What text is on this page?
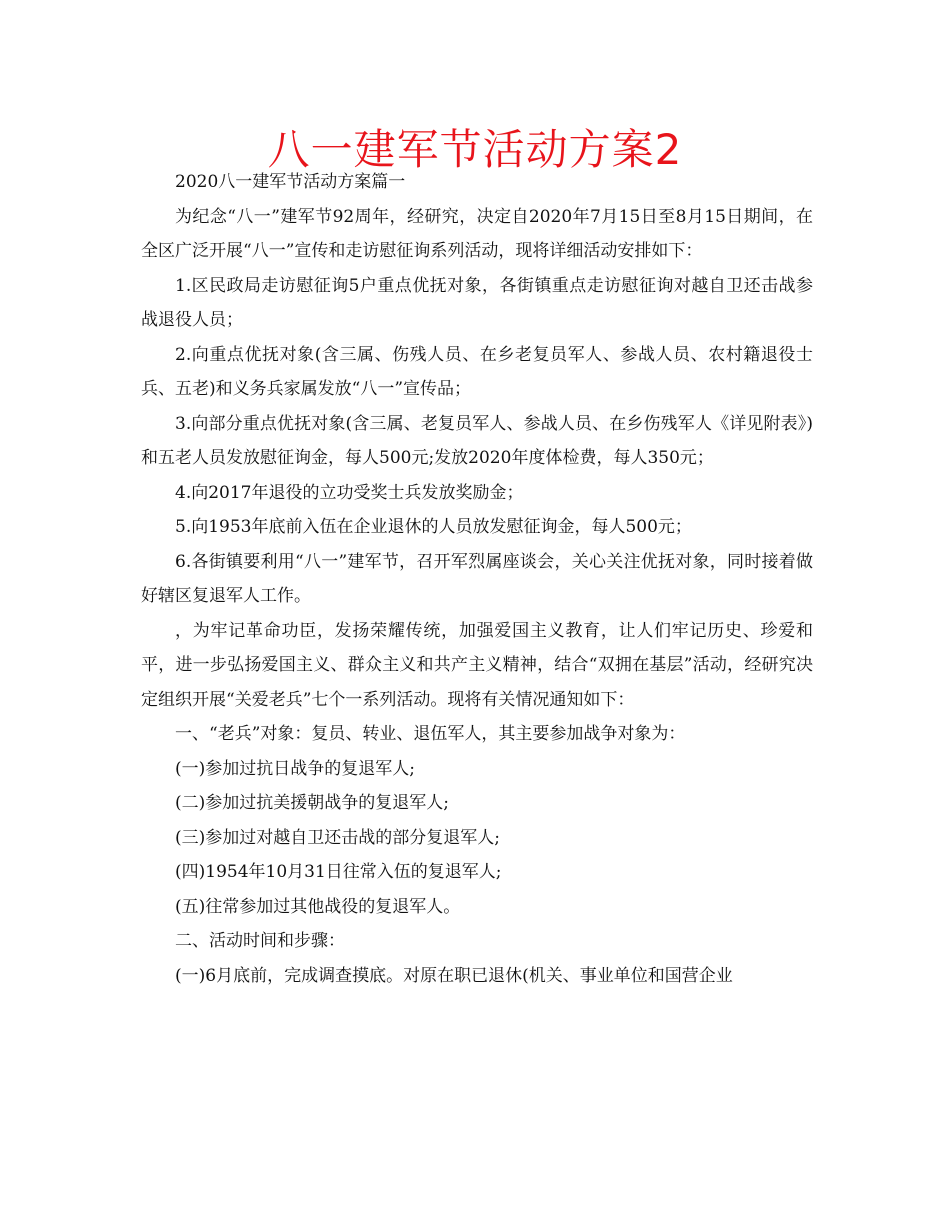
八一建军节活动方案2

2020八一建军节活动方案篇一

为纪念“八一”建军节92周年，经研究，决定自2020年7月15日至8月15日期间，在全区广泛开展“八一”宣传和走访慰征询系列活动，现将详细活动安排如下：

1.区民政局走访慰征询5户重点优抚对象，各街镇重点走访慰征询对越自卫还击战参战退役人员；

2.向重点优抚对象(含三属、伤残人员、在乡老复员军人、参战人员、农村籍退役士兵、五老)和义务兵家属发放“八一”宣传品；

3.向部分重点优抚对象(含三属、老复员军人、参战人员、在乡伤残军人《详见附表》)和五老人员发放慰征询金，每人500元;发放2020年度体检费，每人350元；

4.向2017年退役的立功受奖士兵发放奖励金；

5.向1953年底前入伍在企业退休的人员放发慰征询金，每人500元；

6.各街镇要利用“八一”建军节，召开军烈属座谈会，关心关注优抚对象，同时接着做好辖区复退军人工作。

，为牢记革命功臣，发扬荣耀传统，加强爱国主义教育，让人们牢记历史、珍爱和平，进一步弘扬爱国主义、群众主义和共产主义精神，结合“双拥在基层”活动，经研究决定组织开展“关爱老兵”七个一系列活动。现将有关情况通知如下：

一、“老兵”对象：复员、转业、退伍军人，其主要参加战争对象为：

(一)参加过抗日战争的复退军人;

(二)参加过抗美援朝战争的复退军人;

(三)参加过对越自卫还击战的部分复退军人;

(四)1954年10月31日往常入伍的复退军人;

(五)往常参加过其他战役的复退军人。

二、活动时间和步骤：

(一)6月底前，完成调查摸底。对原在职已退休(机关、事业单位和国营企业
